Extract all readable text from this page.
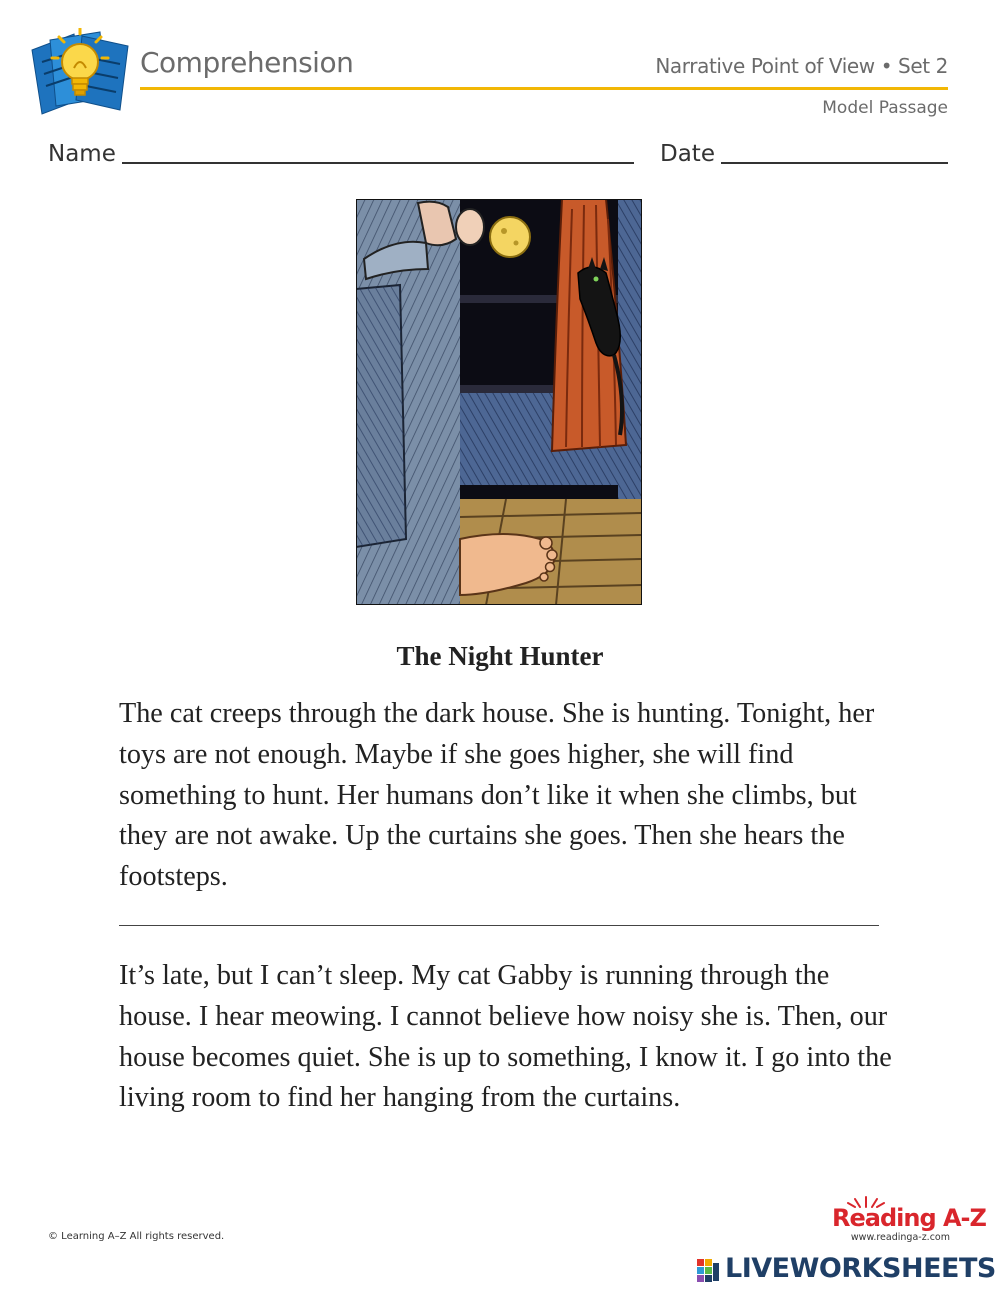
Comprehension	Narrative Point of View • Set 2
Model Passage
Name	Date
The Night Hunter
The cat creeps through the dark house. She is hunting. Tonight, her toys are not enough. Maybe if she goes higher, she will find something to hunt. Her humans don’t like it when she climbs, but they are not awake. Up the curtains she goes. Then she hears the footsteps.
It’s late, but I can’t sleep. My cat Gabby is running through the house. I hear meowing. I cannot believe how noisy she is. Then, our house becomes quiet. She is up to something, I know it. I go into the living room to find her hanging from the curtains.
© Learning A–Z All rights reserved.
Reading A-Z
www.readinga-z.com
LIVEWORKSHEETS
